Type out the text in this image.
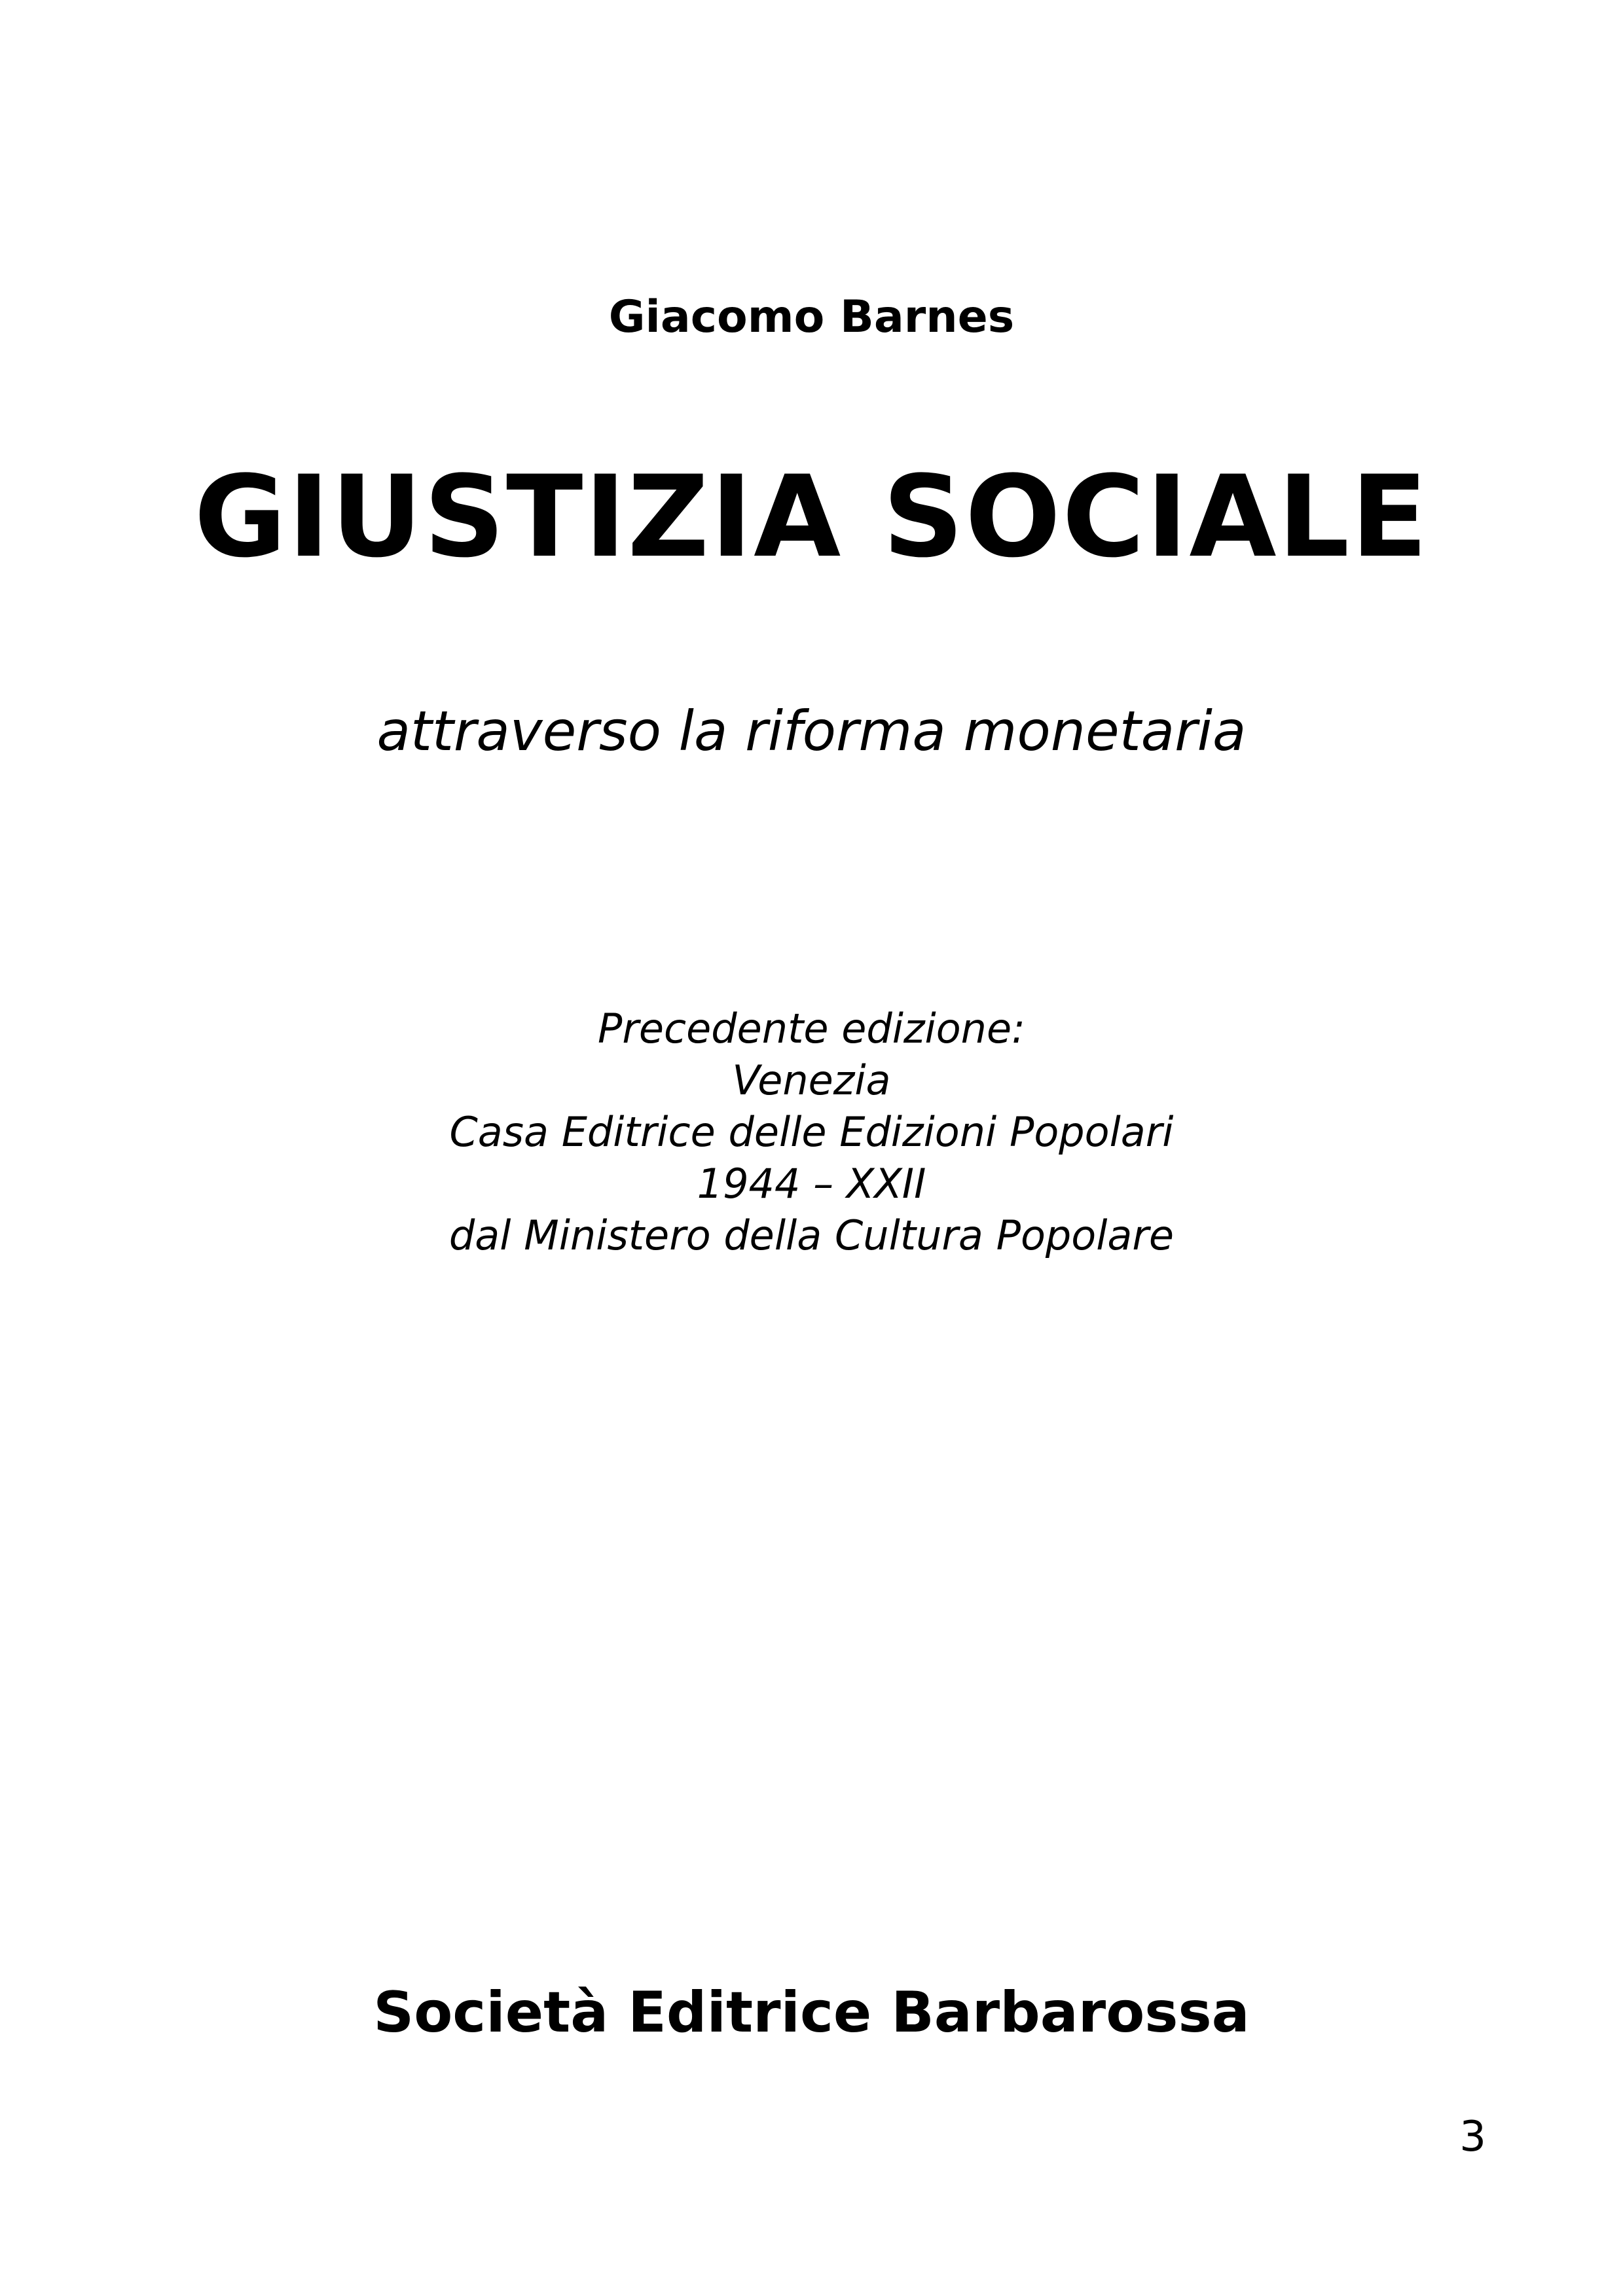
Giacomo Barnes
GIUSTIZIA SOCIALE
attraverso la riforma monetaria
Precedente edizione:
Venezia
Casa Editrice delle Edizioni Popolari
1944 – XXII
dal Ministero della Cultura Popolare
Società Editrice Barbarossa
3
